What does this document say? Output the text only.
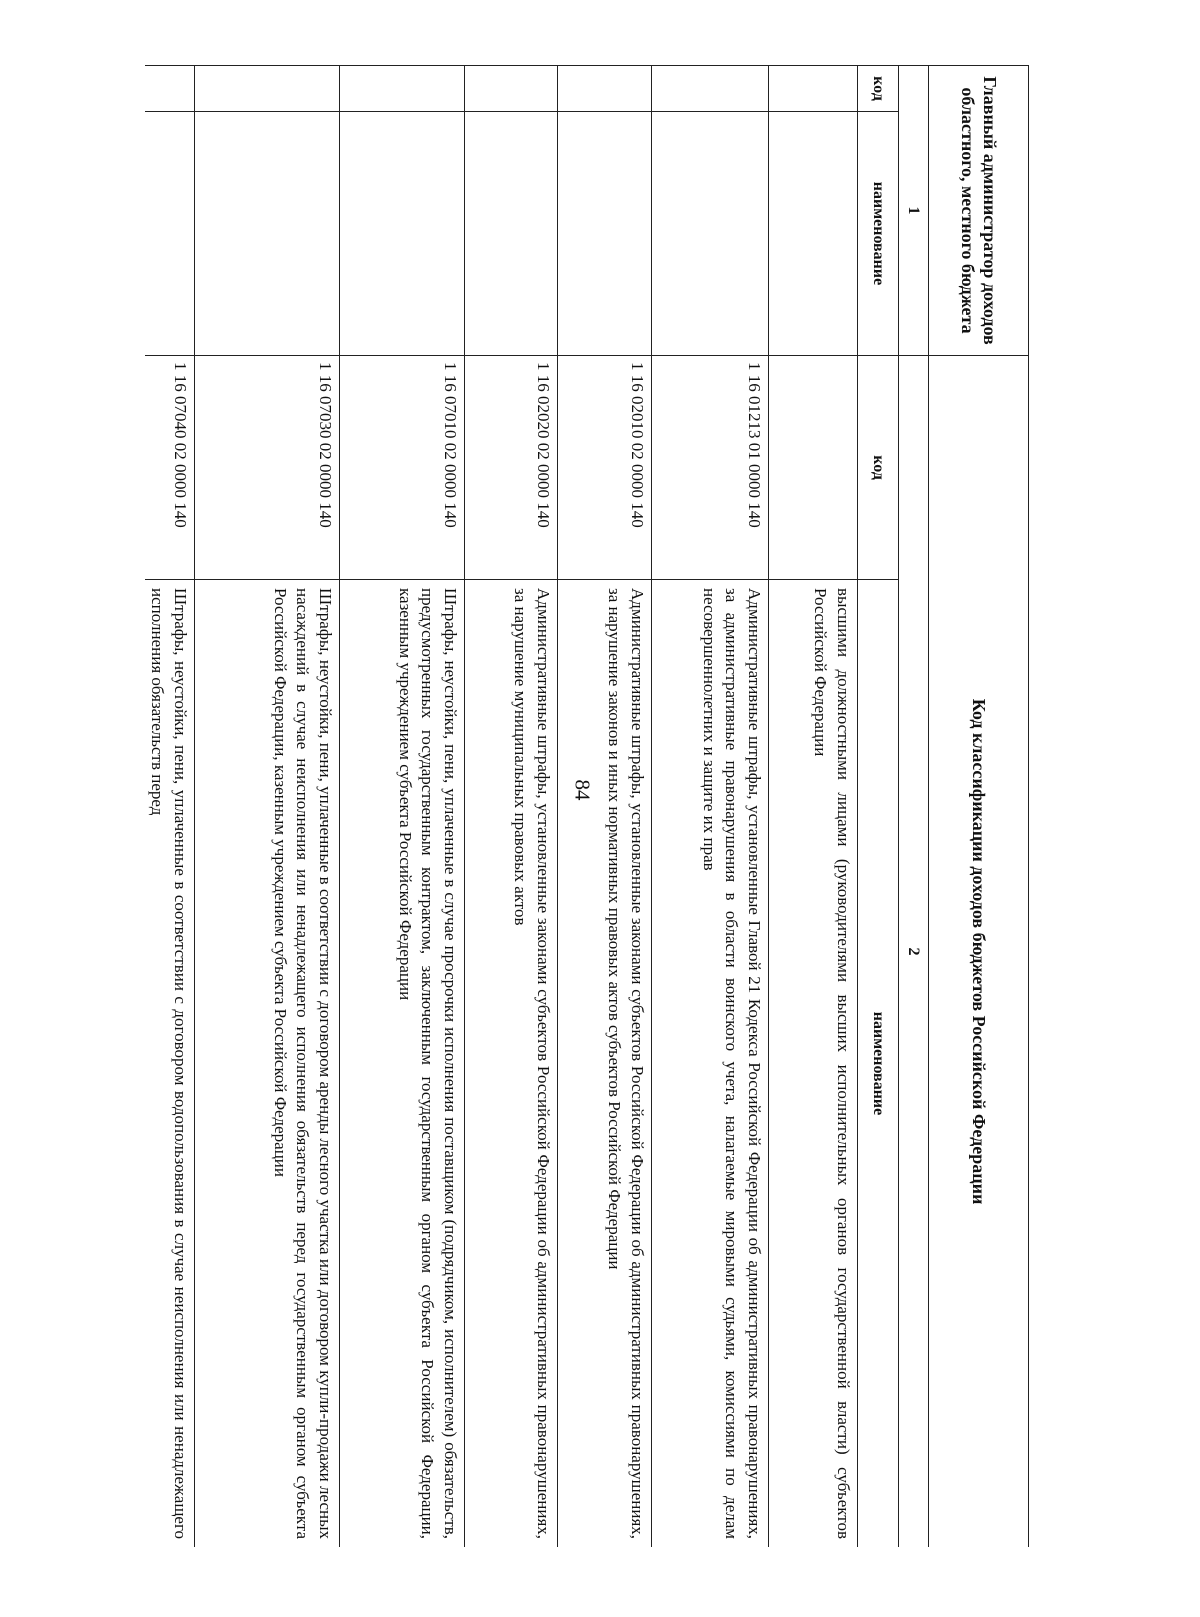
84
Главный администратор доходов областного, местного бюджета		Код классификации доходов бюджетов Российской Федерации	
1		2	
код	наименование	код	наименование
			высшими должностными лицами (руководителями высших исполнительных органов государственной власти) субъектов Российской Федерации
		1 16 01213 01 0000 140	Административные штрафы, установленные Главой 21 Кодекса Российской Федерации об административных правонарушениях, за административные правонарушения в области воинского учета, налагаемые мировыми судьями, комиссиями по делам несовершеннолетних и защите их прав
		1 16 02010 02 0000 140	Административные штрафы, установленные законами субъектов Российской Федерации об административных правонарушениях, за нарушение законов и иных нормативных правовых актов субъектов Российской Федерации
		1 16 02020 02 0000 140	Административные штрафы, установленные законами субъектов Российской Федерации об административных правонарушениях, за нарушение муниципальных правовых актов
		1 16 07010 02 0000 140	Штрафы, неустойки, пени, уплаченные в случае просрочки исполнения поставщиком (подрядчиком, исполнителем) обязательств, предусмотренных государственным контрактом, заключенным государственным органом субъекта Российской Федерации, казенным учреждением субъекта Российской Федерации
		1 16 07030 02 0000 140	Штрафы, неустойки, пени, уплаченные в соответствии с договором аренды лесного участка или договором купли-продажи лесных насаждений в случае неисполнения или ненадлежащего исполнения обязательств перед государственным органом субъекта Российской Федерации, казенным учреждением субъекта Российской Федерации
		1 16 07040 02 0000 140	Штрафы, неустойки, пени, уплаченные в соответствии с договором водопользования в случае неисполнения или ненадлежащего исполнения обязательств перед
